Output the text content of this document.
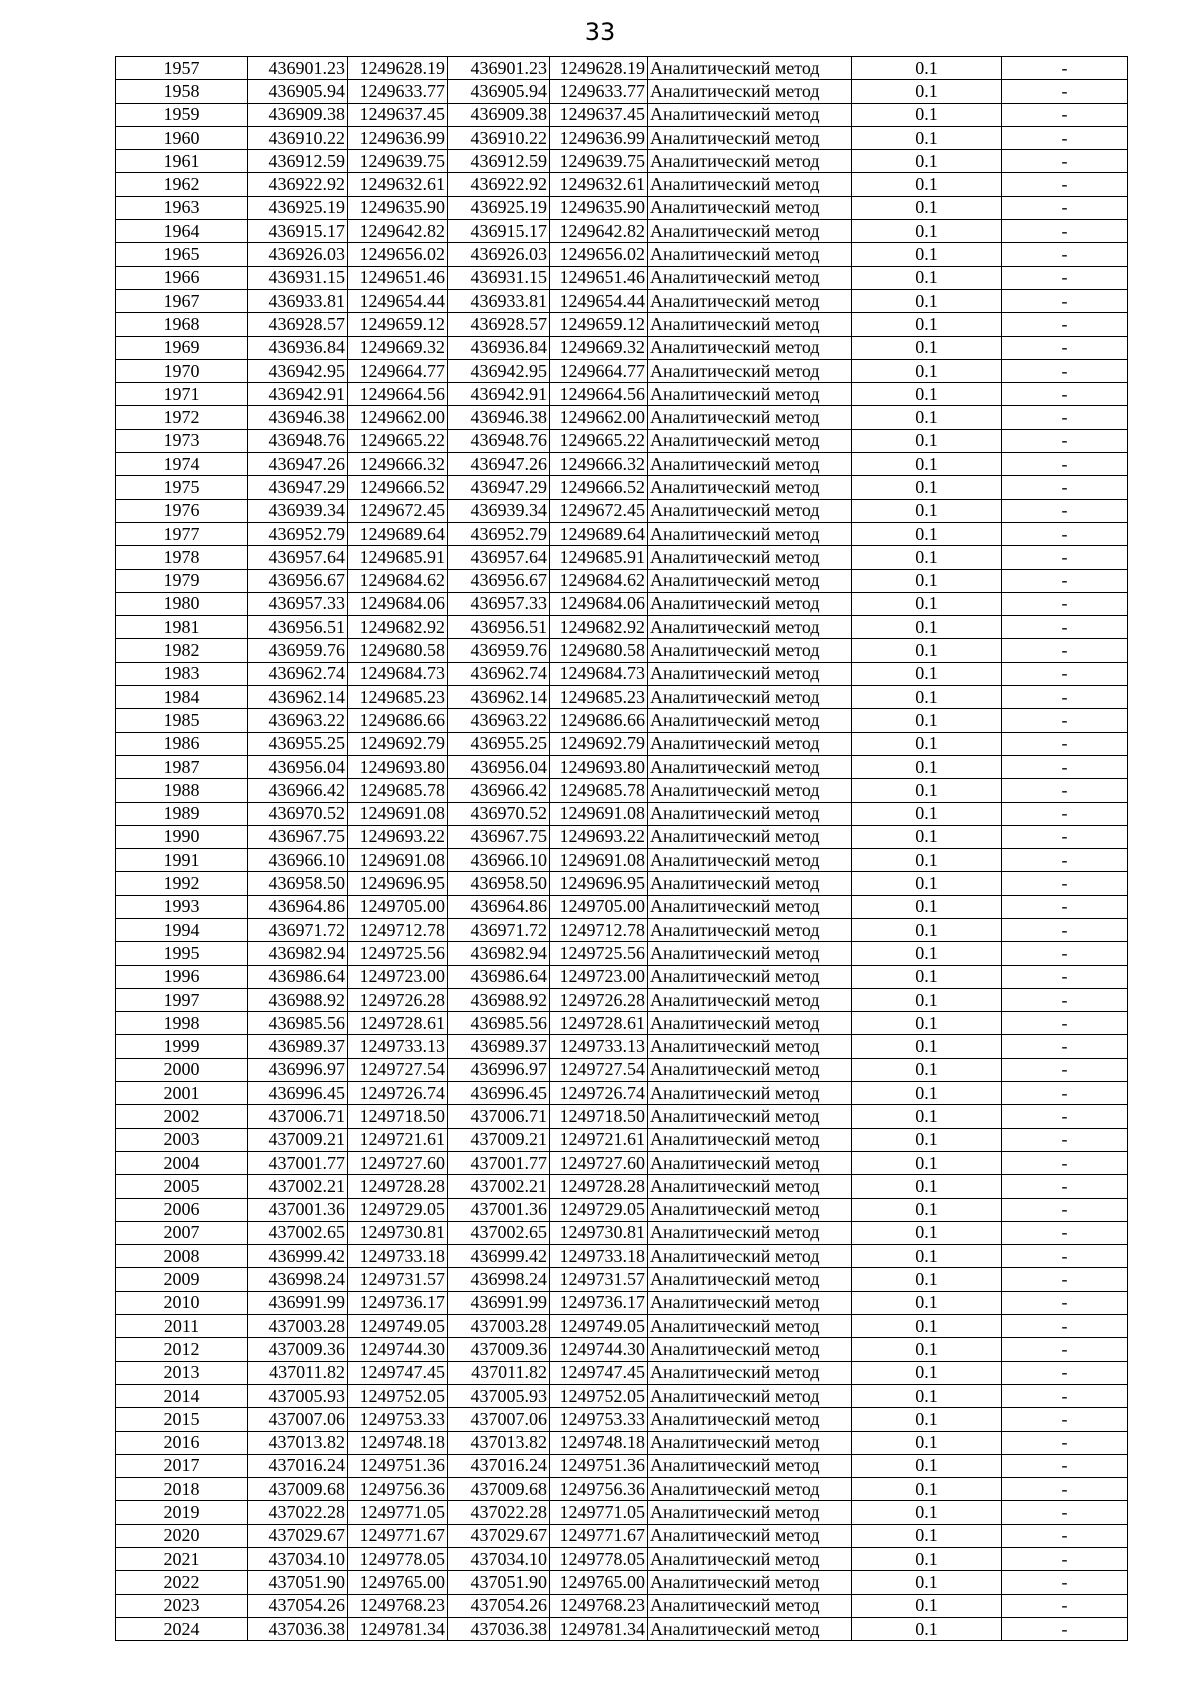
33
1957	436901.23	1249628.19	436901.23	1249628.19	Аналитический метод	0.1	-
1958	436905.94	1249633.77	436905.94	1249633.77	Аналитический метод	0.1	-
1959	436909.38	1249637.45	436909.38	1249637.45	Аналитический метод	0.1	-
1960	436910.22	1249636.99	436910.22	1249636.99	Аналитический метод	0.1	-
1961	436912.59	1249639.75	436912.59	1249639.75	Аналитический метод	0.1	-
1962	436922.92	1249632.61	436922.92	1249632.61	Аналитический метод	0.1	-
1963	436925.19	1249635.90	436925.19	1249635.90	Аналитический метод	0.1	-
1964	436915.17	1249642.82	436915.17	1249642.82	Аналитический метод	0.1	-
1965	436926.03	1249656.02	436926.03	1249656.02	Аналитический метод	0.1	-
1966	436931.15	1249651.46	436931.15	1249651.46	Аналитический метод	0.1	-
1967	436933.81	1249654.44	436933.81	1249654.44	Аналитический метод	0.1	-
1968	436928.57	1249659.12	436928.57	1249659.12	Аналитический метод	0.1	-
1969	436936.84	1249669.32	436936.84	1249669.32	Аналитический метод	0.1	-
1970	436942.95	1249664.77	436942.95	1249664.77	Аналитический метод	0.1	-
1971	436942.91	1249664.56	436942.91	1249664.56	Аналитический метод	0.1	-
1972	436946.38	1249662.00	436946.38	1249662.00	Аналитический метод	0.1	-
1973	436948.76	1249665.22	436948.76	1249665.22	Аналитический метод	0.1	-
1974	436947.26	1249666.32	436947.26	1249666.32	Аналитический метод	0.1	-
1975	436947.29	1249666.52	436947.29	1249666.52	Аналитический метод	0.1	-
1976	436939.34	1249672.45	436939.34	1249672.45	Аналитический метод	0.1	-
1977	436952.79	1249689.64	436952.79	1249689.64	Аналитический метод	0.1	-
1978	436957.64	1249685.91	436957.64	1249685.91	Аналитический метод	0.1	-
1979	436956.67	1249684.62	436956.67	1249684.62	Аналитический метод	0.1	-
1980	436957.33	1249684.06	436957.33	1249684.06	Аналитический метод	0.1	-
1981	436956.51	1249682.92	436956.51	1249682.92	Аналитический метод	0.1	-
1982	436959.76	1249680.58	436959.76	1249680.58	Аналитический метод	0.1	-
1983	436962.74	1249684.73	436962.74	1249684.73	Аналитический метод	0.1	-
1984	436962.14	1249685.23	436962.14	1249685.23	Аналитический метод	0.1	-
1985	436963.22	1249686.66	436963.22	1249686.66	Аналитический метод	0.1	-
1986	436955.25	1249692.79	436955.25	1249692.79	Аналитический метод	0.1	-
1987	436956.04	1249693.80	436956.04	1249693.80	Аналитический метод	0.1	-
1988	436966.42	1249685.78	436966.42	1249685.78	Аналитический метод	0.1	-
1989	436970.52	1249691.08	436970.52	1249691.08	Аналитический метод	0.1	-
1990	436967.75	1249693.22	436967.75	1249693.22	Аналитический метод	0.1	-
1991	436966.10	1249691.08	436966.10	1249691.08	Аналитический метод	0.1	-
1992	436958.50	1249696.95	436958.50	1249696.95	Аналитический метод	0.1	-
1993	436964.86	1249705.00	436964.86	1249705.00	Аналитический метод	0.1	-
1994	436971.72	1249712.78	436971.72	1249712.78	Аналитический метод	0.1	-
1995	436982.94	1249725.56	436982.94	1249725.56	Аналитический метод	0.1	-
1996	436986.64	1249723.00	436986.64	1249723.00	Аналитический метод	0.1	-
1997	436988.92	1249726.28	436988.92	1249726.28	Аналитический метод	0.1	-
1998	436985.56	1249728.61	436985.56	1249728.61	Аналитический метод	0.1	-
1999	436989.37	1249733.13	436989.37	1249733.13	Аналитический метод	0.1	-
2000	436996.97	1249727.54	436996.97	1249727.54	Аналитический метод	0.1	-
2001	436996.45	1249726.74	436996.45	1249726.74	Аналитический метод	0.1	-
2002	437006.71	1249718.50	437006.71	1249718.50	Аналитический метод	0.1	-
2003	437009.21	1249721.61	437009.21	1249721.61	Аналитический метод	0.1	-
2004	437001.77	1249727.60	437001.77	1249727.60	Аналитический метод	0.1	-
2005	437002.21	1249728.28	437002.21	1249728.28	Аналитический метод	0.1	-
2006	437001.36	1249729.05	437001.36	1249729.05	Аналитический метод	0.1	-
2007	437002.65	1249730.81	437002.65	1249730.81	Аналитический метод	0.1	-
2008	436999.42	1249733.18	436999.42	1249733.18	Аналитический метод	0.1	-
2009	436998.24	1249731.57	436998.24	1249731.57	Аналитический метод	0.1	-
2010	436991.99	1249736.17	436991.99	1249736.17	Аналитический метод	0.1	-
2011	437003.28	1249749.05	437003.28	1249749.05	Аналитический метод	0.1	-
2012	437009.36	1249744.30	437009.36	1249744.30	Аналитический метод	0.1	-
2013	437011.82	1249747.45	437011.82	1249747.45	Аналитический метод	0.1	-
2014	437005.93	1249752.05	437005.93	1249752.05	Аналитический метод	0.1	-
2015	437007.06	1249753.33	437007.06	1249753.33	Аналитический метод	0.1	-
2016	437013.82	1249748.18	437013.82	1249748.18	Аналитический метод	0.1	-
2017	437016.24	1249751.36	437016.24	1249751.36	Аналитический метод	0.1	-
2018	437009.68	1249756.36	437009.68	1249756.36	Аналитический метод	0.1	-
2019	437022.28	1249771.05	437022.28	1249771.05	Аналитический метод	0.1	-
2020	437029.67	1249771.67	437029.67	1249771.67	Аналитический метод	0.1	-
2021	437034.10	1249778.05	437034.10	1249778.05	Аналитический метод	0.1	-
2022	437051.90	1249765.00	437051.90	1249765.00	Аналитический метод	0.1	-
2023	437054.26	1249768.23	437054.26	1249768.23	Аналитический метод	0.1	-
2024	437036.38	1249781.34	437036.38	1249781.34	Аналитический метод	0.1	-
